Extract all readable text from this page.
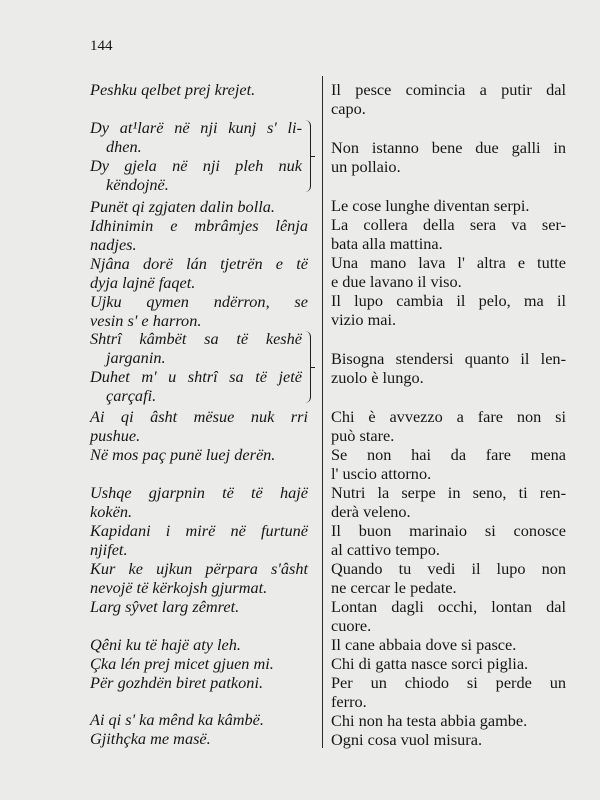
144
Peshku qelbet prej krejet.
Dy at¹larë në nji kunj s' li-
dhen.
Dy gjela në nji pleh nuk
këndojnë.
Punët qi zgjaten dalin bolla.
Idhinimin e mbrâmjes lênja
nadjes.
Njâna dorë lán tjetrën e të
dyja lajnë faqet.
Ujku qymen ndërron, se
vesin s' e harron.
Shtrî kâmbët sa të keshë
jarganin.
Duhet m' u shtrî sa të jetë
çarçafi.
Ai qi âsht mësue nuk rri
pushue.
Në mos paç punë luej derën.
Ushqe gjarpnin të të hajë
kokën.
Kapidani i mirë në furtunë
njifet.
Kur ke ujkun përpara s'âsht
nevojë të kërkojsh gjurmat.
Larg sŷvet larg zêmret.
Qêni ku të hajë aty leh.
Çka lén prej micet gjuen mi.
Për gozhdën biret patkoni.
Ai qi s' ka mênd ka kâmbë.
Gjithçka me masë.
Il pesce comincia a putir dal
capo.
Non istanno bene due galli in
un pollaio.
Le cose lunghe diventan serpi.
La collera della sera va ser-
bata alla mattina.
Una mano lava l' altra e tutte
e due lavano il viso.
Il lupo cambia il pelo, ma il
vizio mai.
Bisogna stendersi quanto il len-
zuolo è lungo.
Chi è avvezzo a fare non si
può stare.
Se non hai da fare mena
l' uscio attorno.
Nutri la serpe in seno, ti ren-
derà veleno.
Il buon marinaio si conosce
al cattivo tempo.
Quando tu vedi il lupo non
ne cercar le pedate.
Lontan dagli occhi, lontan dal
cuore.
Il cane abbaia dove si pasce.
Chi di gatta nasce sorci piglia.
Per un chiodo si perde un
ferro.
Chi non ha testa abbia gambe.
Ogni cosa vuol misura.
